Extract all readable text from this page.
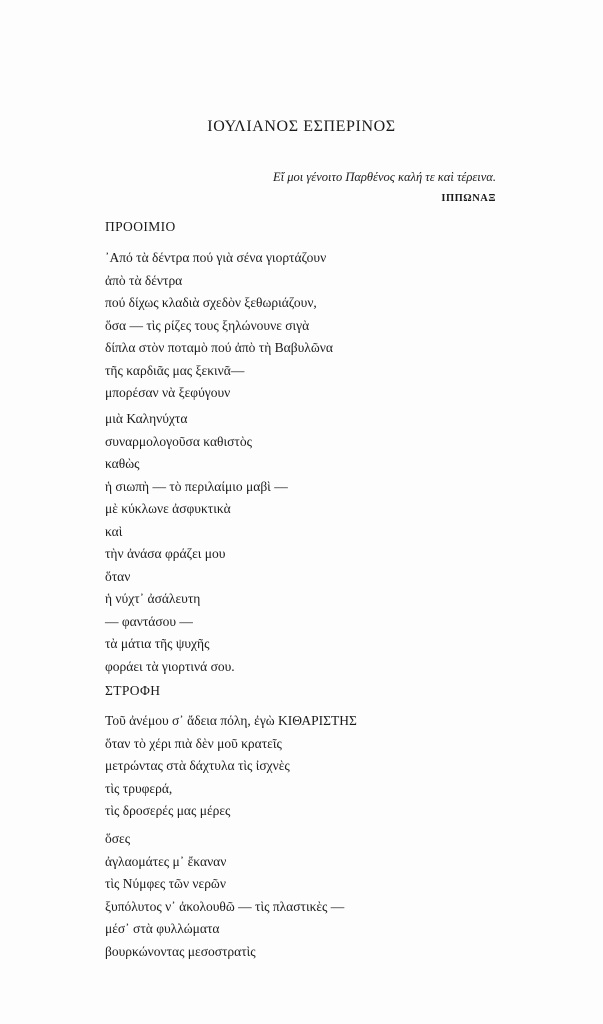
ΙΟΥΛΙΑΝΟΣ ΕΣΠΕΡΙΝΟΣ
Εἴ μοι γένοιτο Παρθένος καλή τε καὶ τέρεινα.
ΙΠΠΩΝΑΞ
ΠΡΟΟΙΜΙΟ
᾿Από τὰ δέντρα πού γιὰ σένα γιορτάζουν
ἀπὸ τὰ δέντρα
πού δίχως κλαδιὰ σχεδὸν ξεθωριάζουν,
ὅσα — τὶς ρίζες τους ξηλώνουνε σιγὰ
δίπλα στὸν ποταμὸ πού ἀπὸ τὴ Βαβυλῶνα
τῆς καρδιᾶς μας ξεκινᾶ—
μπορέσαν νὰ ξεφύγουν
μιὰ Καληνύχτα
συναρμολογοῦσα καθιστὸς
καθὼς
ἡ σιωπὴ — τὸ περιλαίμιο μαβὶ —
μὲ κύκλωνε ἀσφυκτικὰ
καὶ
τὴν ἀνάσα φράζει μου
ὅταν
ἡ νύχτ᾿ ἀσάλευτη
— φαντάσου —
τὰ μάτια τῆς ψυχῆς
φοράει τὰ γιορτινά σου.
ΣΤΡΟΦΗ
Τοῦ ἀνέμου σ᾿ ἄδεια πόλη, ἐγὼ ΚΙΘΑΡΙΣΤΗΣ
ὅταν τὸ χέρι πιὰ δὲν μοῦ κρατεῖς
μετρώντας στὰ δάχτυλα τὶς ἰσχνὲς
τὶς τρυφερά,
τὶς δροσερές μας μέρες
ὅσες
ἀγλαομάτες μ᾿ ἔκαναν
τὶς Νύμφες τῶν νερῶν
ξυπόλυτος ν᾿ ἀκολουθῶ — τὶς πλαστικὲς —
μέσ᾿ στὰ φυλλώματα
βουρκώνοντας μεσοστρατὶς
